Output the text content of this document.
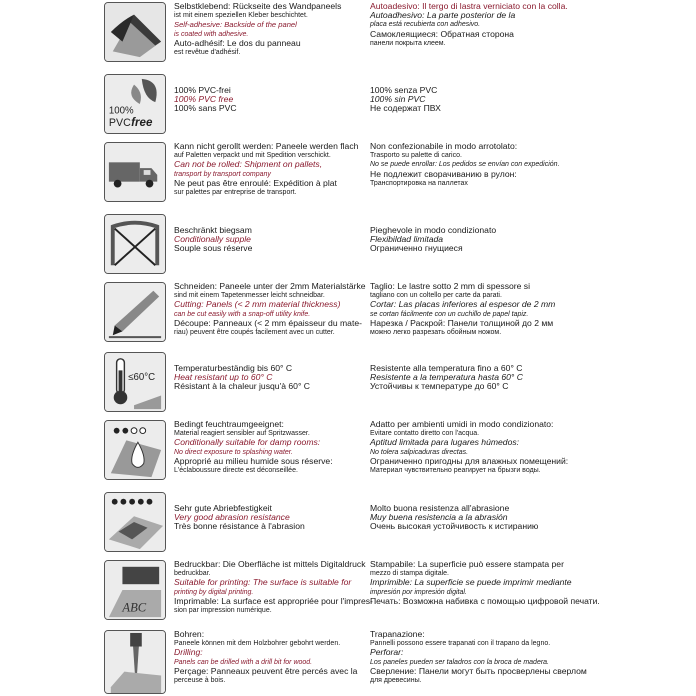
Selbstklebend: Rückseite des Wandpaneels
ist mit einem speziellen Kleber beschichtet.
Self-adhesive: Backside of the panel
is coated with adhesive.
Auto-adhésif: Le dos du panneau
est revêtue d'adhésif.
Autoadesivo: Il tergo di lastra verniciato con la colla.
Autoadhesivo: La parte posterior de la
placa está recubierta con adhesivo.
Самоклеящиеся: Обратная сторона
панели покрыта клеем.
100%
PVC free
100% PVC-frei
100% PVC free
100% sans PVC
100% senza PVC
100% sin PVC
Не содержат ПВХ
Kann nicht gerollt werden: Paneele werden flach
auf Paletten verpackt und mit Spedition verschickt.
Can not be rolled: Shipment on pallets,
transport by transport company
Ne peut pas être enroulé: Expédition à plat
sur palettes par entreprise de transport.
Non confezionabile in modo arrotolato:
Trasporto su palette di carico.
No se puede enrollar: Los pedidos se envían con expedición.
Не подлежит сворачиванию в рулон:
Транспортировка на паллетах
Beschränkt biegsam
Conditionally supple
Souple sous réserve
Pieghevole in modo condizionato
Flexibildad limitada
Ограниченно гнущиеся
Schneiden: Paneele unter der 2mm Materialstärke
sind mit einem Tapetenmesser leicht schneidbar.
Cutting: Panels (< 2 mm material thickness)
can be cut easily with a snap-off utility knife.
Découpe: Panneaux (< 2 mm épaisseur du mate-
riau) peuvent être coupés facilement avec un cutter.
Taglio: Le lastre sotto 2 mm di spessore si
tagliano con un coltello per carte da parati.
Cortar: Las placas inferiores al espesor de 2 mm
se cortan fácilmente con un cuchillo de papel tapiz.
Нарезка / Раскрой: Панели толщиной до 2 мм
можно легко разрезать обойным ножом.
≤60°C
Temperaturbeständig bis 60° C
Heat resistant up to 60° C
Résistant à la chaleur jusqu'à 60° C
Resistente alla temperatura fino a 60° C
Resistente a la temperatura hasta 60° C
Устойчивы к температуре до 60° C
Bedingt feuchtraumgeeignet:
Material reagiert sensibler auf Spritzwasser.
Conditionally suitable for damp rooms:
No direct exposure to splashing water.
Approprié au milieu humide sous réserve:
L'éclaboussure directe est déconseillée.
Adatto per ambienti umidi in modo condizionato:
Evitare contatto diretto con l'acqua.
Aptitud limitada para lugares húmedos:
No tolera salpicaduras directas.
Ограниченно пригодны для влажных помещений:
Материал чувствительно реагирует на брызги воды.
Sehr gute Abriebfestigkeit
Very good abrasion resistance
Très bonne résistance à l'abrasion
Molto buona resistenza all'abrasione
Muy buena resistencia a la abrasión
Очень высокая устойчивость к истиранию
ABC
Bedruckbar: Die Oberfläche ist mittels Digitaldruck
bedruckbar.
Suitable for printing: The surface is suitable for
printing by digital printing.
Imprimable: La surface est appropriée pour l'impres-
sion par impression numérique.
Stampabile: La superficie può essere stampata per
mezzo di stampa digitale.
Imprimible: La superficie se puede imprimir mediante
impresión por impresión digital.
Печать: Возможна набивка с помощью цифровой печати.
Bohren:
Paneele können mit dem Holzbohrer gebohrt werden.
Drilling:
Panels can be drilled with a drill bit for wood.
Perçage: Panneaux peuvent être percés avec la
perceuse à bois.
Trapanazione:
Pannelli possono essere trapanati con il trapano da legno.
Perforar:
Los paneles pueden ser taladros con la broca de madera.
Сверление: Панели могут быть просверлены сверлом
для древесины.
